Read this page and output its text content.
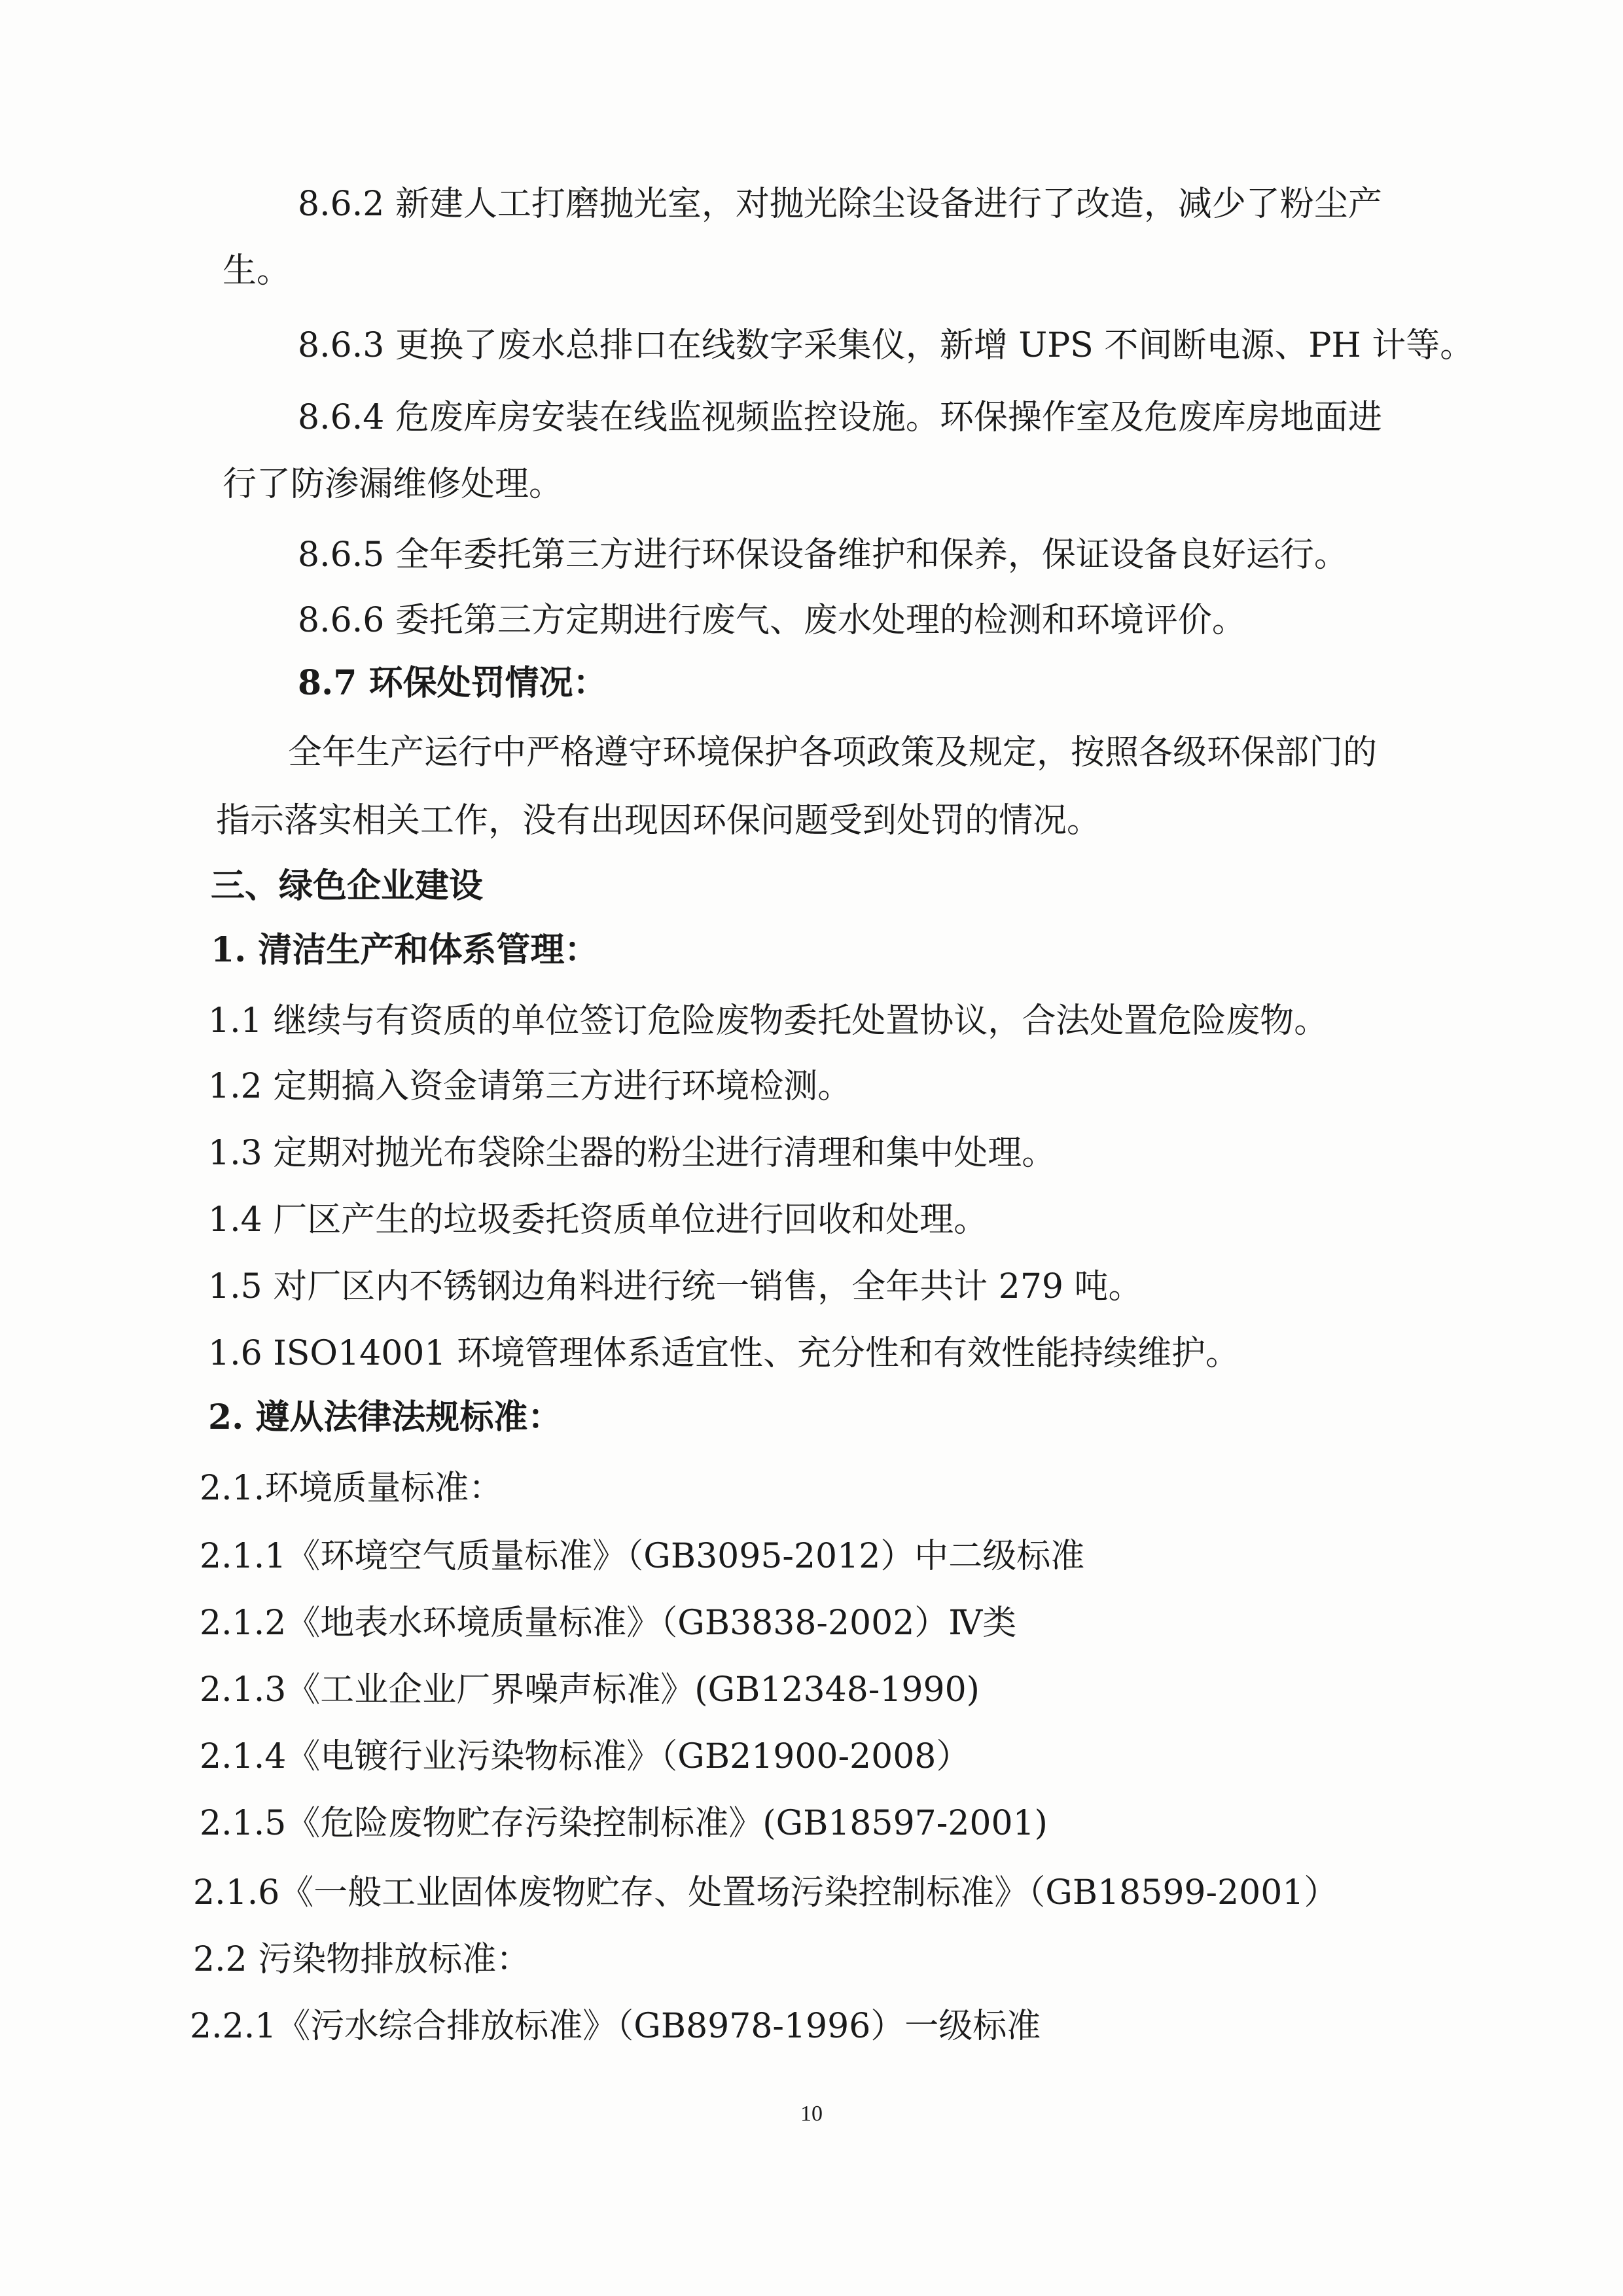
8.6.2 新建人工打磨抛光室，对抛光除尘设备进行了改造，减少了粉尘产
生。
8.6.3 更换了废水总排口在线数字采集仪，新增 UPS 不间断电源、PH 计等。
8.6.4 危废库房安装在线监视频监控设施。环保操作室及危废库房地面进
行了防渗漏维修处理。
8.6.5 全年委托第三方进行环保设备维护和保养，保证设备良好运行。
8.6.6 委托第三方定期进行废气、废水处理的检测和环境评价。
8.7 环保处罚情况：
全年生产运行中严格遵守环境保护各项政策及规定，按照各级环保部门的
指示落实相关工作，没有出现因环保问题受到处罚的情况。
三、绿色企业建设
1. 清洁生产和体系管理：
1.1 继续与有资质的单位签订危险废物委托处置协议，合法处置危险废物。
1.2 定期搞入资金请第三方进行环境检测。
1.3 定期对抛光布袋除尘器的粉尘进行清理和集中处理。
1.4 厂区产生的垃圾委托资质单位进行回收和处理。
1.5 对厂区内不锈钢边角料进行统一销售，全年共计 279 吨。
1.6 ISO14001 环境管理体系适宜性、充分性和有效性能持续维护。
2. 遵从法律法规标准：
2.1.环境质量标准：
2.1.1《环境空气质量标准》（GB3095-2012）中二级标准
2.1.2《地表水环境质量标准》（GB3838-2002）Ⅳ类
2.1.3《工业企业厂界噪声标准》(GB12348-1990)
2.1.4《电镀行业污染物标准》（GB21900-2008）
2.1.5《危险废物贮存污染控制标准》(GB18597-2001)
2.1.6《一般工业固体废物贮存、处置场污染控制标准》（GB18599-2001）
2.2 污染物排放标准：
2.2.1《污水综合排放标准》（GB8978-1996）一级标准
10
